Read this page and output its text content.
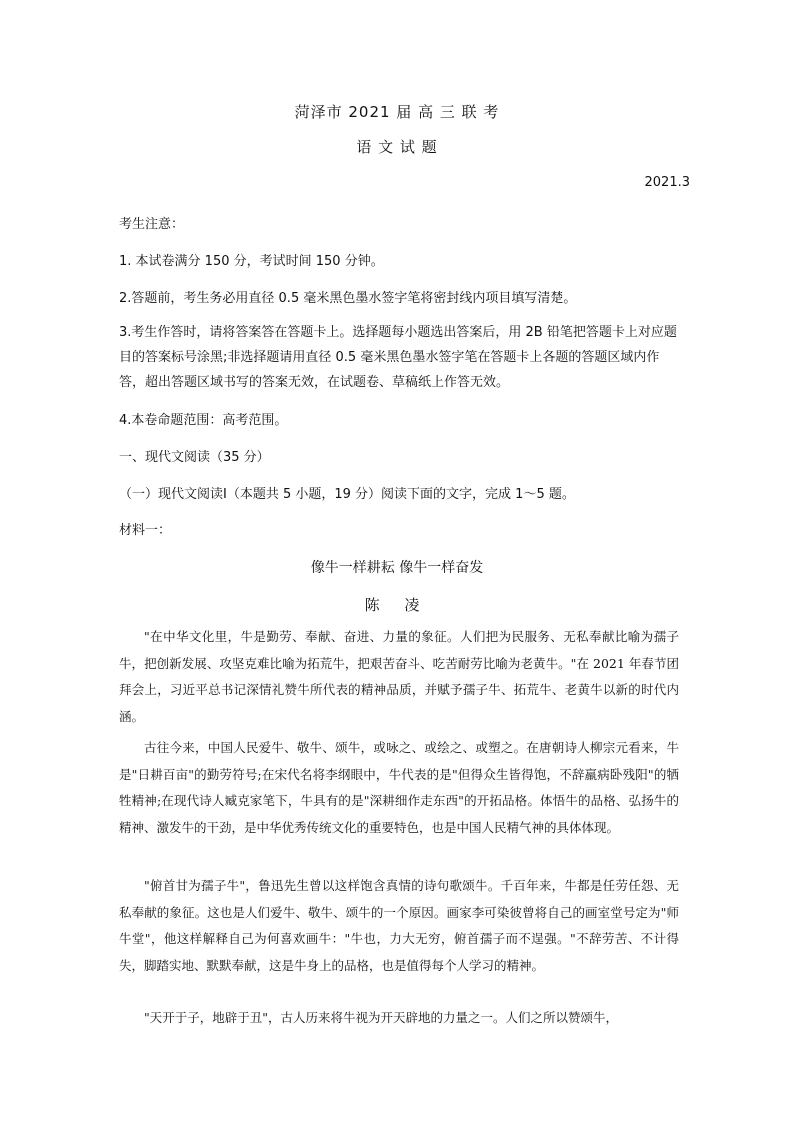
菏泽市 2021 届 高 三 联 考
语 文 试 题
2021.3
考生注意：
1. 本试卷满分 150 分，考试时间 150 分钟。
2.答题前，考生务必用直径 0.5 毫米黑色墨水签字笔将密封线内项目填写清楚。
3.考生作答时，请将答案答在答题卡上。选择题每小题选出答案后，用 2B 铅笔把答题卡上对应题目的答案标号涂黑;非选择题请用直径 0.5 毫米黑色墨水签字笔在答题卡上各题的答题区域内作答，超出答题区域书写的答案无效，在试题卷、草稿纸上作答无效。
4.本卷命题范围：高考范围。
一、现代文阅读（35 分）
（一）现代文阅读Ⅰ（本题共 5 小题，19 分）阅读下面的文字，完成 1～5 题。
材料一：
像牛一样耕耘 像牛一样奋发
陈 凌
"在中华文化里，牛是勤劳、奉献、奋进、力量的象征。人们把为民服务、无私奉献比喻为孺子牛，把创新发展、攻坚克难比喻为拓荒牛，把艰苦奋斗、吃苦耐劳比喻为老黄牛。"在 2021 年春节团拜会上，习近平总书记深情礼赞牛所代表的精神品质，并赋予孺子牛、拓荒牛、老黄牛以新的时代内涵。
古往今来，中国人民爱牛、敬牛、颂牛，或咏之、或绘之、或塑之。在唐朝诗人柳宗元看来，牛是"日耕百亩"的勤劳符号;在宋代名将李纲眼中，牛代表的是"但得众生皆得饱，不辞羸病卧残阳"的牺牲精神;在现代诗人臧克家笔下，牛具有的是"深耕细作走东西"的开拓品格。体悟牛的品格、弘扬牛的精神、激发牛的干劲，是中华优秀传统文化的重要特色，也是中国人民精气神的具体体现。
"俯首甘为孺子牛"，鲁迅先生曾以这样饱含真情的诗句歌颂牛。千百年来，牛都是任劳任怨、无私奉献的象征。这也是人们爱牛、敬牛、颂牛的一个原因。画家李可染彼曾将自己的画室堂号定为"师牛堂"，他这样解释自己为何喜欢画牛："牛也，力大无穷，俯首孺子而不逞强。"不辞劳苦、不计得失，脚踏实地、默默奉献，这是牛身上的品格，也是值得每个人学习的精神。
"天开于子，地辟于丑"，古人历来将牛视为开天辟地的力量之一。人们之所以赞颂牛，
